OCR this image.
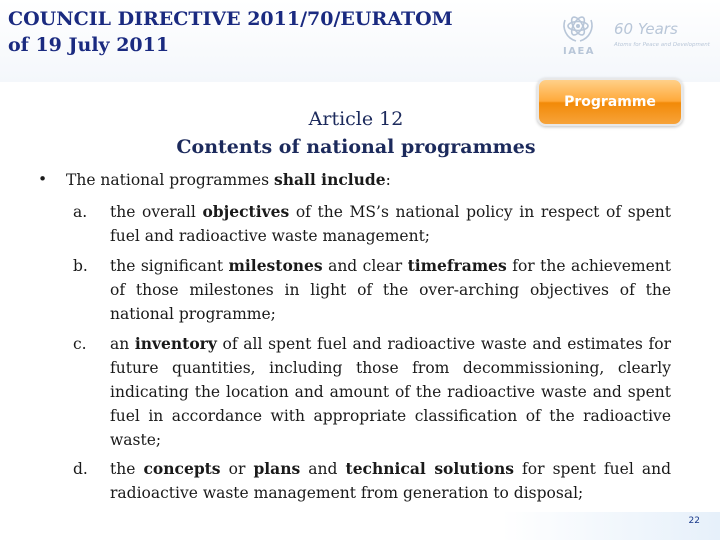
COUNCIL DIRECTIVE 2011/70/EURATOM
of 19 July 2011	IAEA
60 Years
Atoms for Peace and Development
Programme
Article 12
Contents of national programmes
• The national programmes shall include:
a.	the overall objectives of the MS’s national policy in respect of spent fuel and radioactive waste management;
b.	the significant milestones and clear timeframes for the achievement of those milestones in light of the over-arching objectives of the national programme;
c.	an inventory of all spent fuel and radioactive waste and estimates for future quantities, including those from decommissioning, clearly indicating the location and amount of the radioactive waste and spent fuel in accordance with appropriate classification of the radioactive waste;
d.	the concepts or plans and technical solutions for spent fuel and radioactive waste management from generation to disposal;
22
